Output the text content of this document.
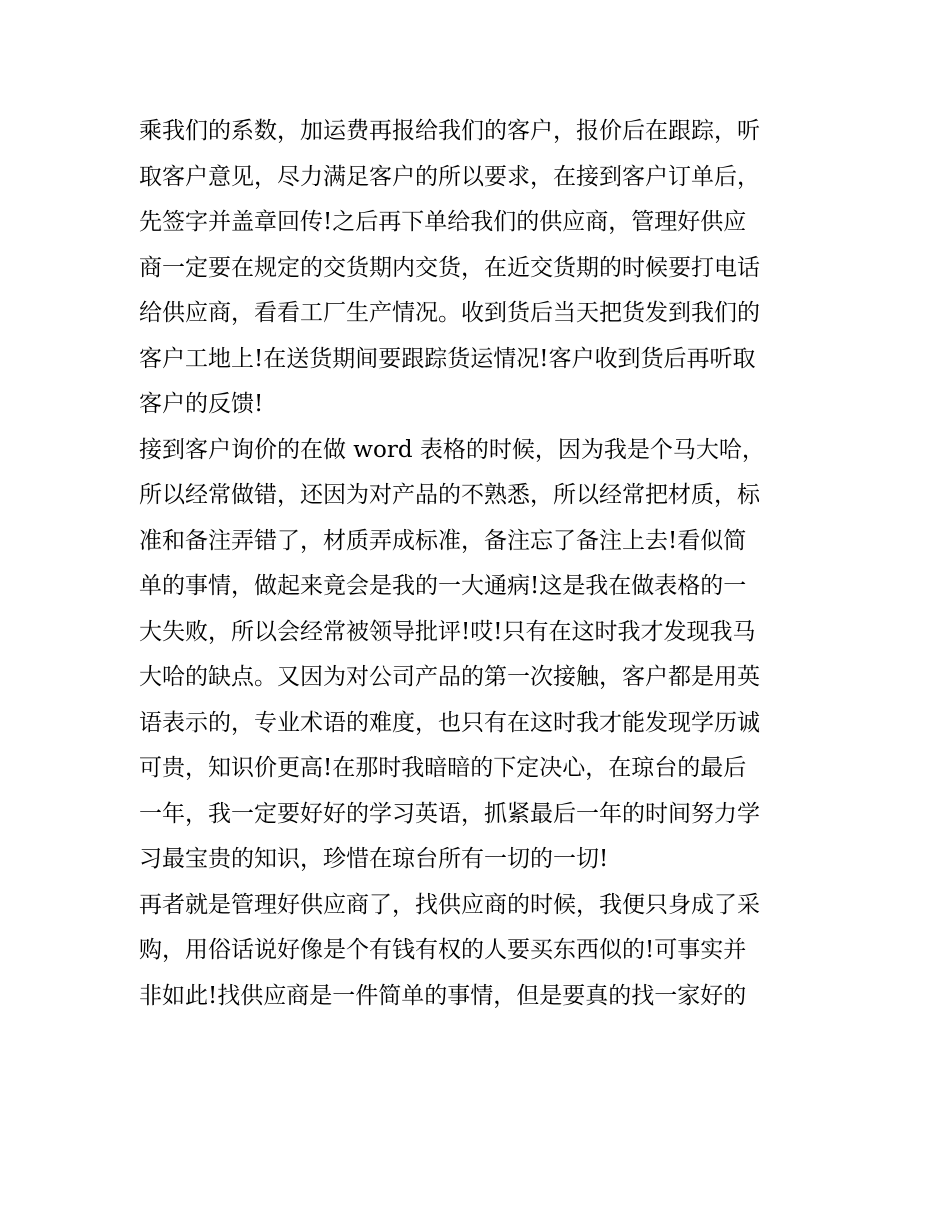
乘我们的系数，加运费再报给我们的客户，报价后在跟踪，听
取客户意见，尽力满足客户的所以要求，在接到客户订单后，
先签字并盖章回传!之后再下单给我们的供应商，管理好供应
商一定要在规定的交货期内交货，在近交货期的时候要打电话
给供应商，看看工厂生产情况。收到货后当天把货发到我们的
客户工地上!在送货期间要跟踪货运情况!客户收到货后再听取
客户的反馈!
接到客户询价的在做 word 表格的时候，因为我是个马大哈，
所以经常做错，还因为对产品的不熟悉，所以经常把材质，标
准和备注弄错了，材质弄成标准，备注忘了备注上去!看似简
单的事情，做起来竟会是我的一大通病!这是我在做表格的一
大失败，所以会经常被领导批评!哎!只有在这时我才发现我马
大哈的缺点。又因为对公司产品的第一次接触，客户都是用英
语表示的，专业术语的难度，也只有在这时我才能发现学历诚
可贵，知识价更高!在那时我暗暗的下定决心，在琼台的最后
一年，我一定要好好的学习英语，抓紧最后一年的时间努力学
习最宝贵的知识，珍惜在琼台所有一切的一切!
再者就是管理好供应商了，找供应商的时候，我便只身成了采
购，用俗话说好像是个有钱有权的人要买东西似的!可事实并
非如此!找供应商是一件简单的事情，但是要真的找一家好的
